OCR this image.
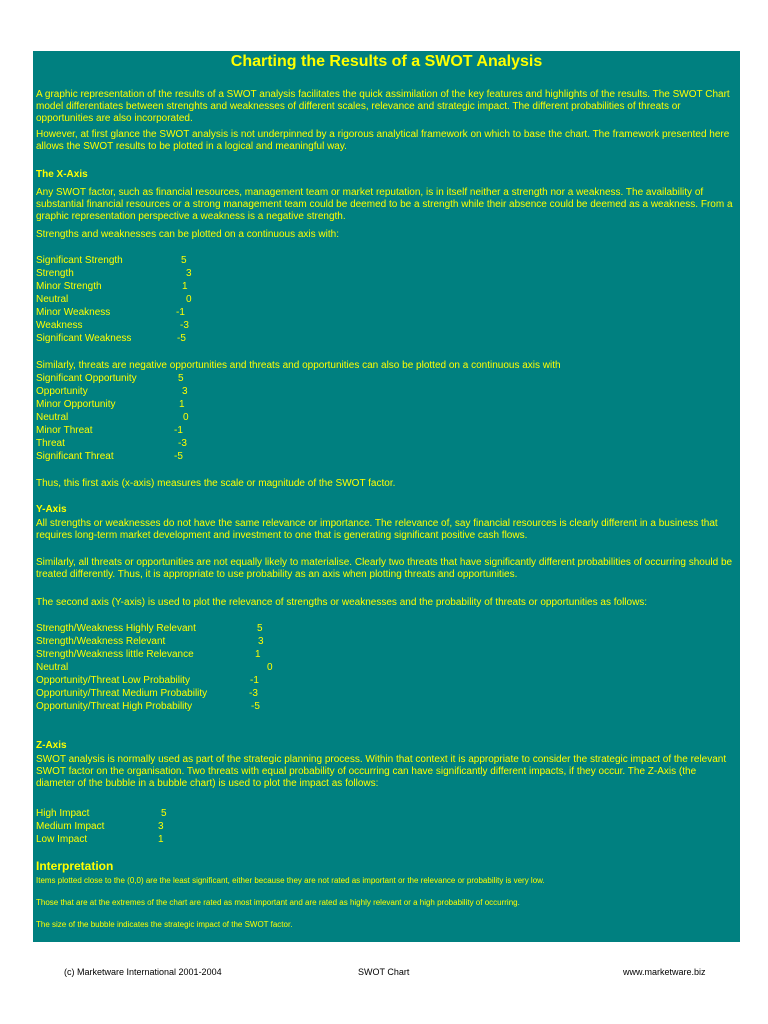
Charting the Results of a SWOT Analysis
A graphic representation of the results of a SWOT analysis facilitates the quick assimilation of the key features and highlights of the results. The SWOT Chart model differentiates between strenghts and weaknesses of different scales, relevance and strategic impact. The different probabilities of threats or opportunities are also incorporated.
However, at first glance the SWOT analysis is not underpinned by a rigorous analytical framework on which to base the chart. The framework presented here allows the SWOT results to be plotted in a logical and meaningful way.
The X-Axis
Any SWOT factor, such as financial resources, management team or market reputation, is in itself neither a strength nor a weakness. The availability of substantial financial resources or a strong management team could be deemed to be a strength while their absence could be deemed as a weakness. From a graphic representation perspective a weakness is a negative strength.
Strengths and weaknesses can be plotted on a continuous axis with:
Significant Strength	5
Strength	3
Minor Strength	1
Neutral	0
Minor Weakness	-1
Weakness	-3
Significant Weakness	-5
Similarly, threats are negative opportunities and threats and opportunities can also be plotted on a continuous axis with
Significant Opportunity	5
Opportunity	3
Minor Opportunity	1
Neutral	0
Minor Threat	-1
Threat	-3
Significant Threat	-5
Thus, this first axis (x-axis) measures the scale or magnitude of the SWOT factor.
Y-Axis
All strengths or weaknesses do not have the same relevance or importance. The relevance of, say financial resources is clearly different in a business that requires long-term market development and investment to one that is generating significant positive cash flows.
Similarly, all threats or opportunities are not equally likely to materialise. Clearly two threats that have significantly different probabilities of occurring should be treated differently. Thus, it is appropriate to use probability as an axis when plotting threats and opportunities.
The second axis (Y-axis) is used to plot the relevance of strengths or weaknesses and the probability of threats or opportunities as follows:
Strength/Weakness Highly Relevant	5
Strength/Weakness Relevant	3
Strength/Weakness little Relevance	1
Neutral	0
Opportunity/Threat Low Probability	-1
Opportunity/Threat Medium Probability	-3
Opportunity/Threat High Probability	-5
Z-Axis
SWOT analysis is normally used as part of the strategic planning process. Within that context it is appropriate to consider the strategic impact of the relevant SWOT factor on the organisation. Two threats with equal probability of occurring can have significantly different impacts, if they occur. The Z-Axis (the diameter of the bubble in a bubble chart) is used to plot the impact as follows:
High Impact	5
Medium Impact	3
Low Impact	1
Interpretation
Items plotted close to the (0,0) are the least significant, either because they are not rated as important or the relevance or probability is very low.
Those that are at the extremes of the chart are rated as most important and are rated as highly relevant or a high probability of occurring.
The size of the bubble indicates the strategic impact of the SWOT factor.
(c) Marketware International 2001-2004	SWOT Chart	www.marketware.biz
